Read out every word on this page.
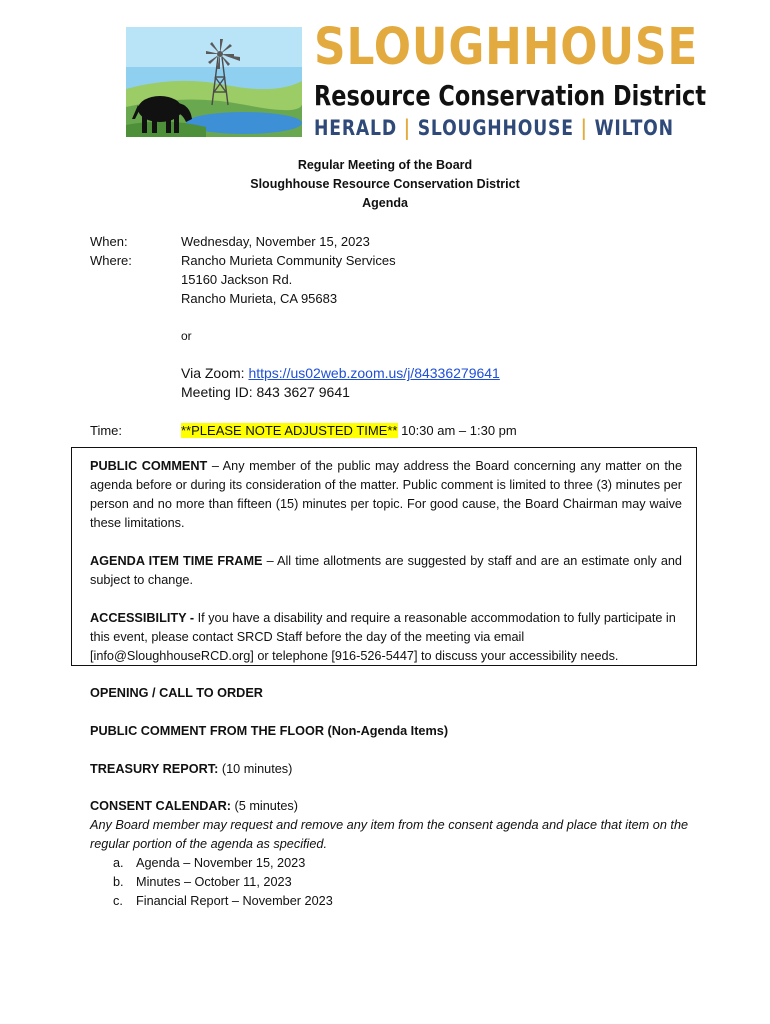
SLOUGHHOUSE
Resource Conservation District
HERALD | SLOUGHHOUSE | WILTON
Regular Meeting of the Board
Sloughhouse Resource Conservation District
Agenda
When:	Wednesday, November 15, 2023
Where:	Rancho Murieta Community Services
15160 Jackson Rd.
Rancho Murieta, CA 95683
or
Via Zoom: https://us02web.zoom.us/j/84336279641
Meeting ID: 843 3627 9641
Time:	**PLEASE NOTE ADJUSTED TIME** 10:30 am – 1:30 pm
PUBLIC COMMENT – Any member of the public may address the Board concerning any matter on the agenda before or during its consideration of the matter. Public comment is limited to three (3) minutes per person and no more than fifteen (15) minutes per topic. For good cause, the Board Chairman may waive these limitations.
AGENDA ITEM TIME FRAME – All time allotments are suggested by staff and are an estimate only and subject to change.
ACCESSIBILITY - If you have a disability and require a reasonable accommodation to fully participate in this event, please contact SRCD Staff before the day of the meeting via email [info@SloughhouseRCD.org] or telephone [916-526-5447] to discuss your accessibility needs.
OPENING / CALL TO ORDER
PUBLIC COMMENT FROM THE FLOOR (Non-Agenda Items)
TREASURY REPORT: (10 minutes)
CONSENT CALENDAR: (5 minutes)
Any Board member may request and remove any item from the consent agenda and place that item on the regular portion of the agenda as specified.
a. Agenda – November 15, 2023
b. Minutes – October 11, 2023
c. Financial Report – November 2023
